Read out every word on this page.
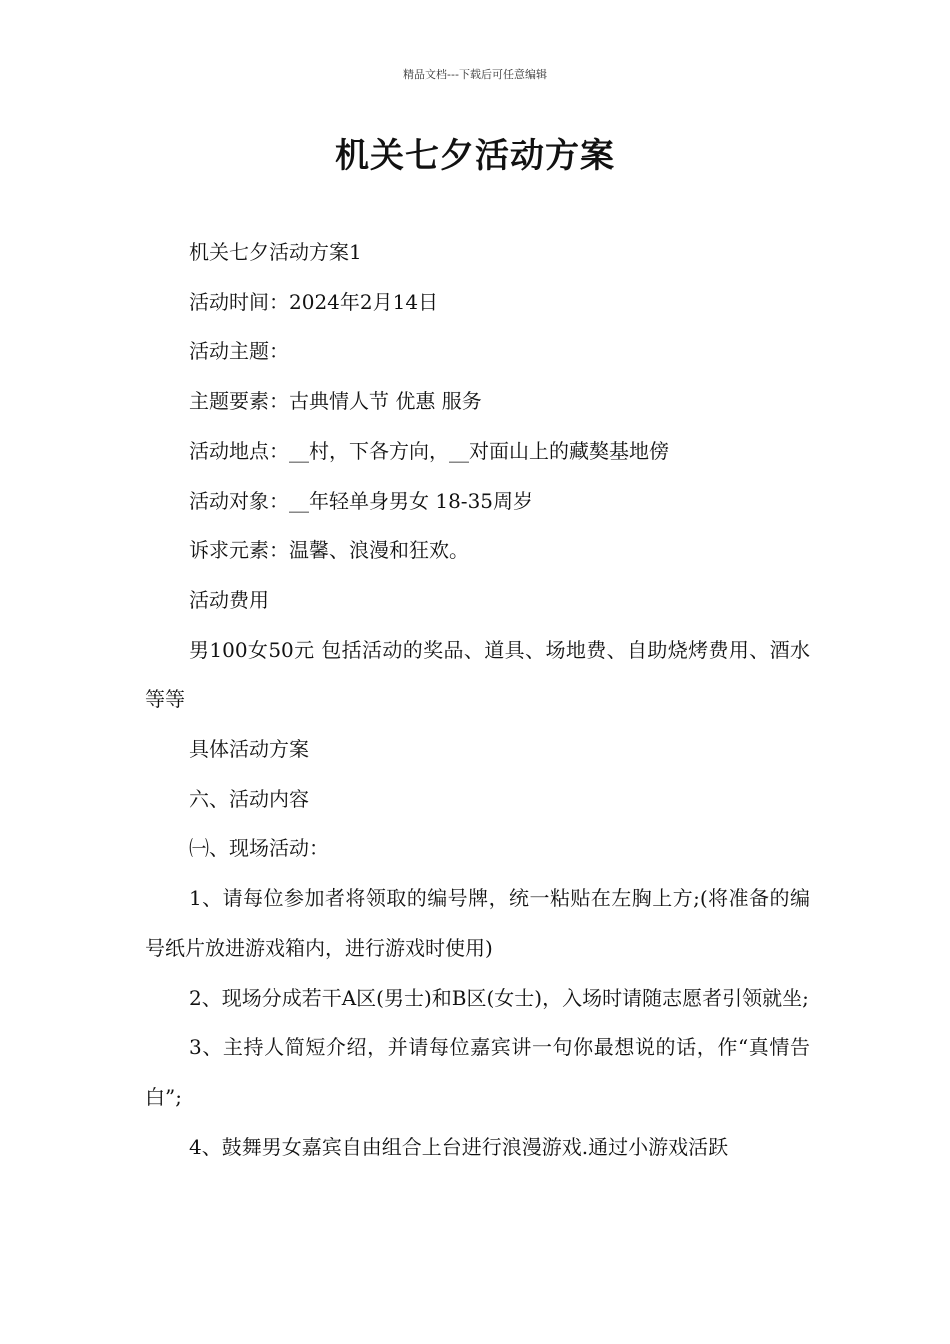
精品文档---下载后可任意编辑
机关七夕活动方案

机关七夕活动方案1

活动时间：2024年2月14日

活动主题：

主题要素：古典情人节 优惠 服务

活动地点：__村，下各方向，__对面山上的藏獒基地傍

活动对象：__年轻单身男女 18-35周岁

诉求元素：温馨、浪漫和狂欢。

活动费用

男100女50元 包括活动的奖品、道具、场地费、自助烧烤费用、酒水等等

具体活动方案

六、活动内容

㈠、现场活动：

1、请每位参加者将领取的编号牌，统一粘贴在左胸上方;(将准备的编号纸片放进游戏箱内，进行游戏时使用)

2、现场分成若干A区(男士)和B区(女士)，入场时请随志愿者引领就坐;

3、主持人简短介绍，并请每位嘉宾讲一句你最想说的话，作“真情告白”;

4、鼓舞男女嘉宾自由组合上台进行浪漫游戏.通过小游戏活跃
